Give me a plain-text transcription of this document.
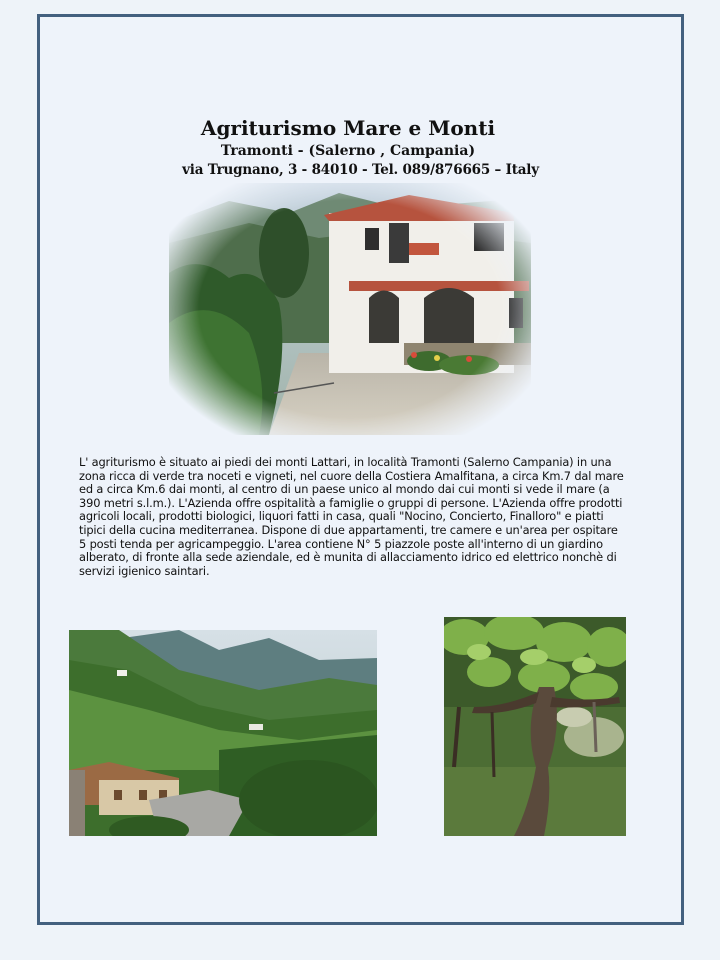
Agriturismo Mare e Monti
Tramonti - (Salerno , Campania)
via Trugnano, 3 - 84010 - Tel. 089/876665 – Italy
L' agriturismo è situato ai piedi dei monti Lattari, in località Tramonti (Salerno Campania) in una zona ricca di verde tra noceti e vigneti, nel cuore della Costiera Amalfitana, a circa Km.7 dal mare ed a circa Km.6 dai monti, al centro di un paese unico al mondo dai cui monti si vede il mare (a 390 metri s.l.m.). L'Azienda offre ospitalità a famiglie o gruppi di persone. L'Azienda offre prodotti agricoli locali, prodotti biologici, liquori fatti in casa, quali "Nocino, Concierto, Finalloro" e piatti tipici della cucina mediterranea. Dispone di due appartamenti, tre camere e un'area per ospitare 5 posti tenda per agricampeggio. L'area contiene N° 5 piazzole poste all'interno di un giardino alberato, di fronte alla sede aziendale, ed è munita di allacciamento idrico ed elettrico nonchè di servizi igienico saintari.
